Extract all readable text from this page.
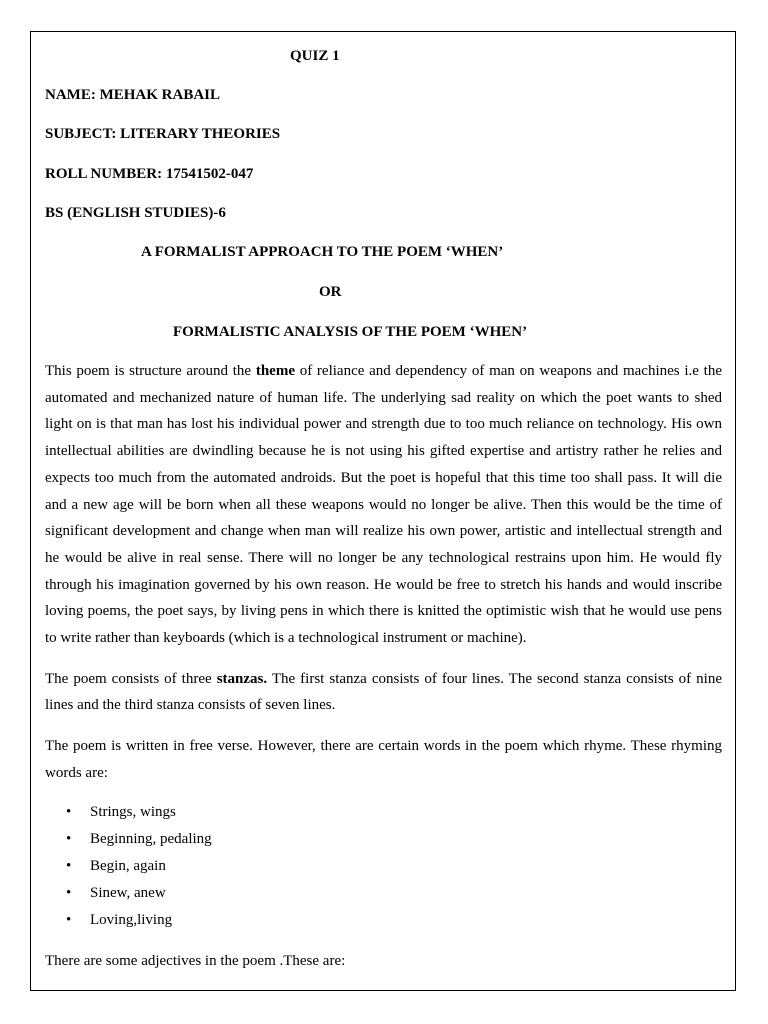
QUIZ 1

NAME: MEHAK RABAIL

SUBJECT: LITERARY THEORIES

ROLL NUMBER: 17541502-047

BS (ENGLISH STUDIES)-6

A FORMALIST APPROACH TO THE POEM ‘WHEN’

OR

FORMALISTIC ANALYSIS OF THE POEM ‘WHEN’

This poem is structure around the theme of reliance and dependency of man on weapons and machines i.e the automated and mechanized nature of human life. The underlying sad reality on which the poet wants to shed light on is that man has lost his individual power and strength due to too much reliance on technology. His own intellectual abilities are dwindling because he is not using his gifted expertise and artistry rather he relies and expects too much from the automated androids. But the poet is hopeful that this time too shall pass. It will die and a new age will be born when all these weapons would no longer be alive. Then this would be the time of significant development and change when man will realize his own power, artistic and intellectual strength and he would be alive in real sense. There will no longer be any technological restrains upon him. He would fly through his imagination governed by his own reason. He would be free to stretch his hands and would inscribe loving poems, the poet says, by living pens in which there is knitted the optimistic wish that he would use pens to write rather than keyboards (which is a technological instrument or machine).

The poem consists of three stanzas. The first stanza consists of four lines. The second stanza consists of nine lines and the third stanza consists of seven lines.

The poem is written in free verse. However, there are certain words in the poem which rhyme. These rhyming words are:

• Strings, wings
• Beginning, pedaling
• Begin, again
• Sinew, anew
• Loving,living

There are some adjectives in the poem .These are:
